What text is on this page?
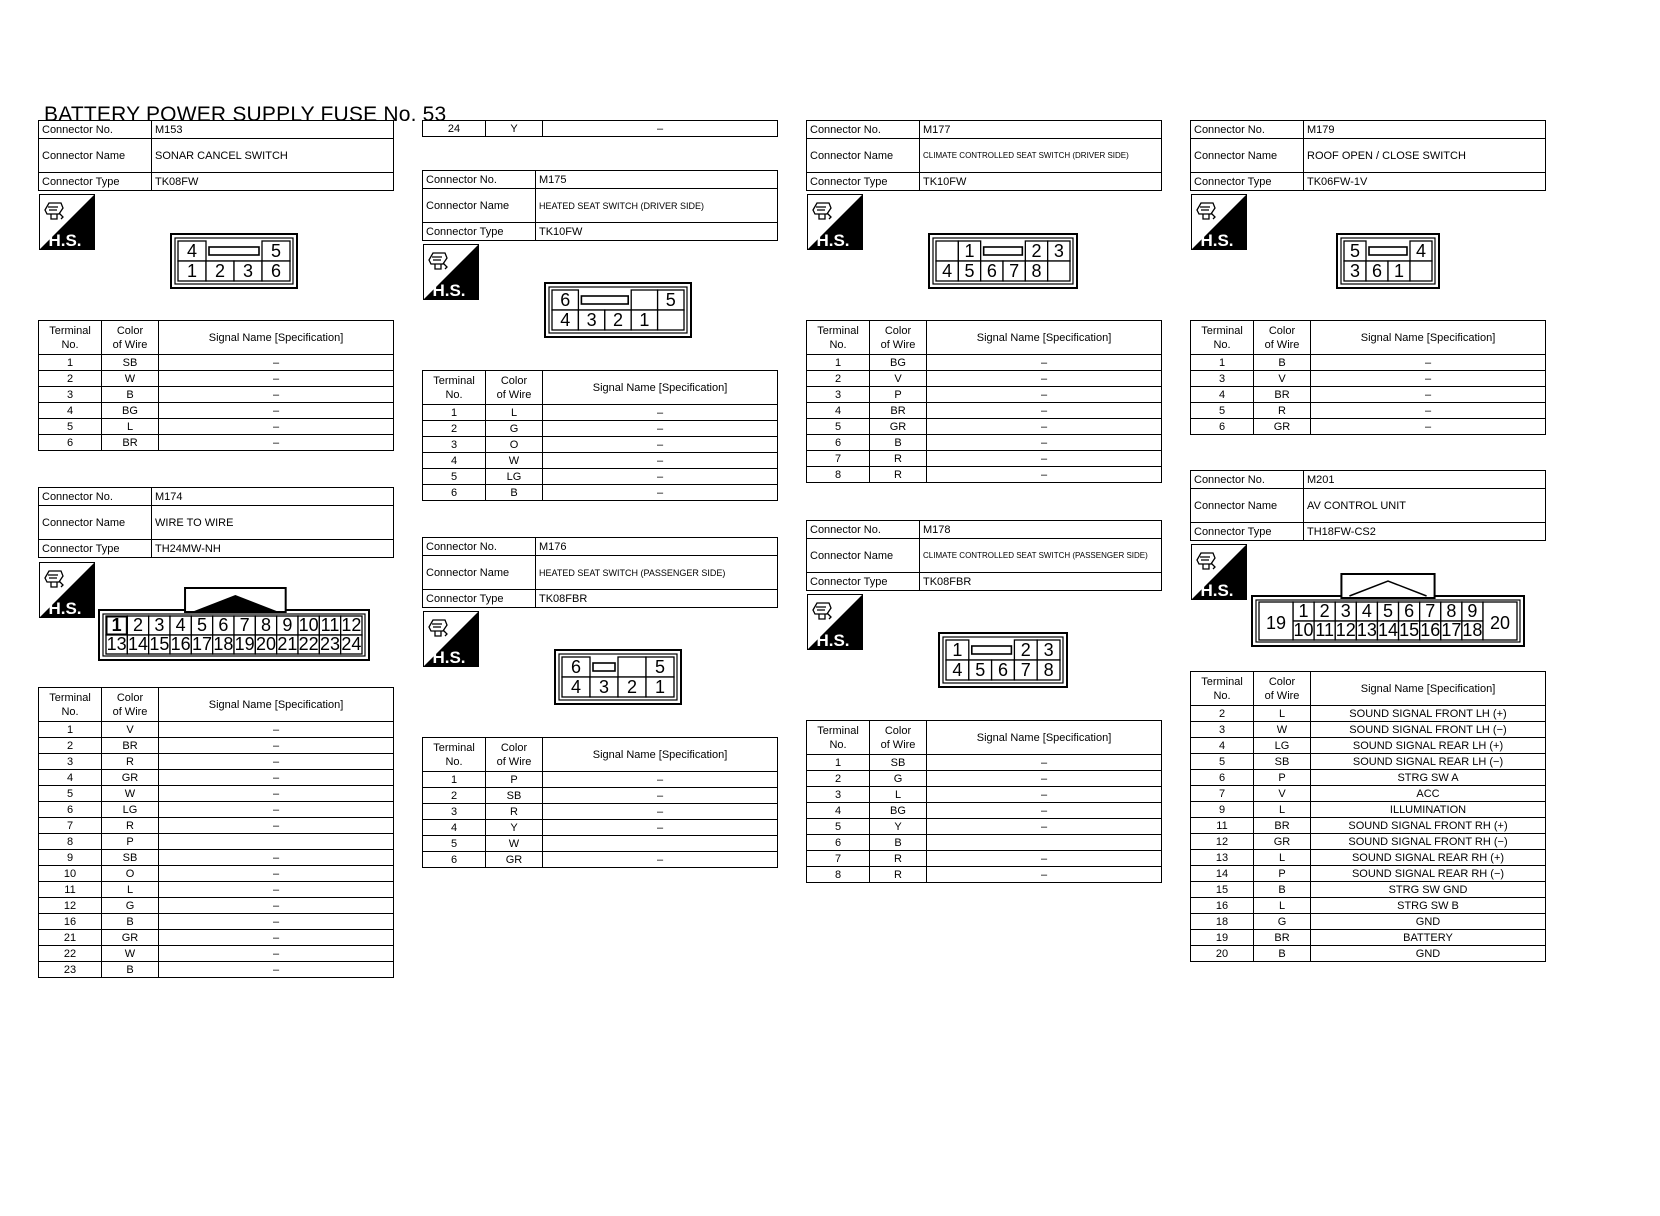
BATTERY POWER SUPPLY FUSE No. 53
Connector No.	M153
Connector Name	SONAR CANCEL SWITCH
Connector Type	TK08FW
H.S.
4	5
1 2 3 6
Terminal
No.	Color
of Wire	Signal Name [Specification]
1	SB	–
2	W	–
3	B	–
4	BG	–
5	L	–
6	BR	–
Connector No.	M174
Connector Name	WIRE TO WIRE
Connector Type	TH24MW-NH
H.S.
1 2 3 4 5 6 7 8 9 10 11 12
13 14 15 16 17 18 19 20 21 22 23 24
Terminal
No.	Color
of Wire	Signal Name [Specification]
1	V	–
2	BR	–
3	R	–
4	GR	–
5	W	–
6	LG	–
7	R	–
8	P	
9	SB	–
10	O	–
11	L	–
12	G	–
16	B	–
21	GR	–
22	W	–
23	B	–
24	Y	–
Connector No.	M175
Connector Name	HEATED SEAT SWITCH (DRIVER SIDE)
Connector Type	TK10FW
H.S.	6	5
4 3 2 1
Terminal
No.	Color
of Wire	Signal Name [Specification]
1	L	–
2	G	–
3	O	–
4	W	–
5	LG	–
6	B	–
Connector No.	M176
Connector Name	HEATED SEAT SWITCH (PASSENGER SIDE)
Connector Type	TK08FBR
H.S.	6	5
4 3 2 1
Terminal
No.	Color
of Wire	Signal Name [Specification]
1	P	–
2	SB	–
3	R	–
4	Y	–
5	W	
6	GR	–
Connector No.	M177
Connector Name	CLIMATE CONTROLLED SEAT SWITCH (DRIVER SIDE)
Connector Type	TK10FW
H.S.
1	2 3
4 5 6 7 8
Terminal
No.	Color
of Wire	Signal Name [Specification]
1	BG	–
2	V	–
3	P	–
4	BR	–
5	GR	–
6	B	–
7	R	–
8	R	–
Connector No.	M178
Connector Name	CLIMATE CONTROLLED SEAT SWITCH (PASSENGER SIDE)
Connector Type	TK08FBR
H.S.	1	2 3
4 5 6 7 8
Terminal
No.	Color
of Wire	Signal Name [Specification]
1	SB	–
2	G	–
3	L	–
4	BG	–
5	Y	–
6	B	
7	R	–
8	R	–
Connector No.	M179
Connector Name	ROOF OPEN / CLOSE SWITCH
Connector Type	TK06FW-1V
H.S.
5	4
3 6 1
Terminal
No.	Color
of Wire	Signal Name [Specification]
1	B	–
3	V	–
4	BR	–
5	R	–
6	GR	–
Connector No.	M201
Connector Name	AV CONTROL UNIT
Connector Type	TH18FW-CS2
H.S.
1 2 3 4 5 6 7 8 9
10 11 12 13 14 15 16 17 18
19	20
Terminal
No.	Color
of Wire	Signal Name [Specification]
2	L	SOUND SIGNAL FRONT LH (+)
3	W	SOUND SIGNAL FRONT LH (−)
4	LG	SOUND SIGNAL REAR LH (+)
5	SB	SOUND SIGNAL REAR LH (−)
6	P	STRG SW A
7	V	ACC
9	L	ILLUMINATION
11	BR	SOUND SIGNAL FRONT RH (+)
12	GR	SOUND SIGNAL FRONT RH (−)
13	L	SOUND SIGNAL REAR RH (+)
14	P	SOUND SIGNAL REAR RH (−)
15	B	STRG SW GND
16	L	STRG SW B
18	G	GND
19	BR	BATTERY
20	B	GND
